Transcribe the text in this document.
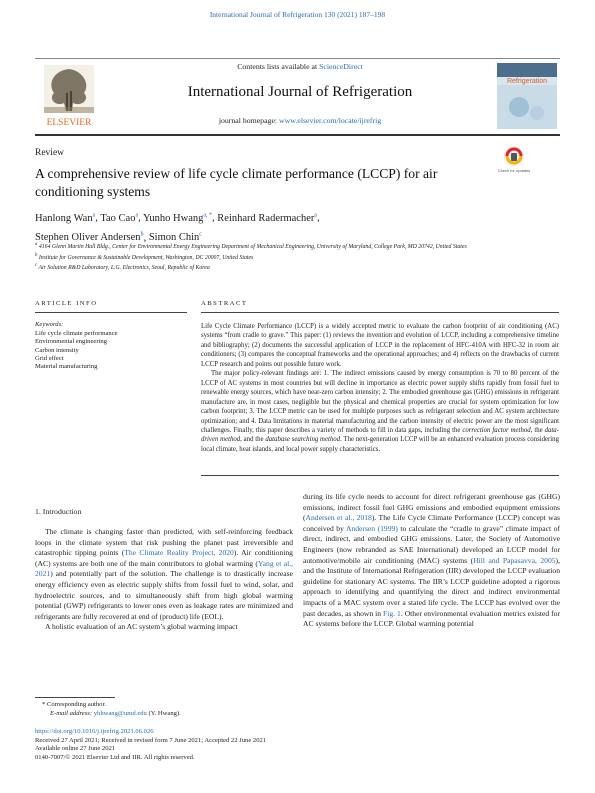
International Journal of Refrigeration 130 (2021) 187–198
ELSEVIER
Contents lists available at ScienceDirect
International Journal of Refrigeration
journal homepage: www.elsevier.com/locate/ijrefrig
Refrigeration
Review
Check for updates
A comprehensive review of life cycle climate performance (LCCP) for air conditioning systems
Hanlong Wan$^a$, Tao Cao$^a$, Yunho Hwang$^{a, *}$, Reinhard Radermacher$^a$,
Stephen Oliver Andersen$^b$, Simon Chin$^c$
$^a$ 4164 Glenn Martin Hall Bldg., Center for Environmental Energy Engineering Department of Mechanical Engineering, University of Maryland, College Park, MD 20742, United States
$^b$ Institute for Governance & Sustainable Development, Washington, DC 20007, United States
$^c$ Air Solution R&D Laboratory, L.G. Electronics, Seoul, Republic of Korea
ARTICLE INFO
Keywords:
Life cycle climate performance
Environmental engineering
Carbon intensity
Grid effect
Material manufacturing
ABSTRACT

Life Cycle Climate Performance (LCCP) is a widely accepted metric to evaluate the carbon footprint of air conditioning (AC) systems “from cradle to grave.” This paper: (1) reviews the invention and evolution of LCCP, including a comprehensive timeline and bibliography; (2) documents the successful application of LCCP in the replacement of HFC-410A with HFC-32 in room air conditioners; (3) compares the conceptual frameworks and the operational approaches; and 4) reflects on the drawbacks of current LCCP research and points out possible future work.

The major policy-relevant findings are: 1. The indirect emissions caused by energy consumption is 70 to 80 percent of the LCCP of AC systems in most countries but will decline in importance as electric power supply shifts rapidly from fossil fuel to renewable energy sources, which have near-zero carbon intensity; 2. The embodied greenhouse gas (GHG) emissions in refrigerant manufacture are, in most cases, negligible but the physical and chemical properties are crucial for system optimization for low carbon footprint; 3. The LCCP metric can be used for multiple purposes such as refrigerant selection and AC system architecture optimization; and 4. Data limitations in material manufacturing and the carbon intensity of electric power are the most significant challenges. Finally, this paper describes a variety of methods to fill in data gaps, including the correction factor method, the data-driven method, and the database searching method. The next-generation LCCP will be an enhanced evaluation process considering local climate, heat islands, and local power supply characteristics.

1. Introduction

The climate is changing faster than predicted, with self-reinforcing feedback loops in the climate system that risk pushing the planet past irreversible and catastrophic tipping points (The Climate Reality Project, 2020). Air conditioning (AC) systems are both one of the main contributors to global warming (Yang et al., 2021) and potentially part of the solution. The challenge is to drastically increase energy efficiency even as electric supply shifts from fossil fuel to wind, solar, and hydroelectric sources, and to simultaneously shift from high global warming potential (GWP) refrigerants to lower ones even as leakage rates are minimized and refrigerants are fully recovered at end of (product) life (EOL).

A holistic evaluation of an AC system’s global warming impact

during its life cycle needs to account for direct refrigerant greenhouse gas (GHG) emissions, indirect fossil fuel GHG emissions and embodied equipment emissions (Andersen et al., 2018). The Life Cycle Climate Performance (LCCP) concept was conceived by Andersen (1999) to calculate the “cradle to grave” climate impact of direct, indirect, and embodied GHG emissions. Later, the Society of Automotive Engineers (now rebranded as SAE International) developed an LCCP model for automotive/mobile air conditioning (MAC) systems (Hill and Papasavva, 2005), and the Institute of International Refrigeration (IIR) developed the LCCP evaluation guideline for stationary AC systems. The IIR’s LCCP guideline adopted a rigorous approach to identifying and quantifying the direct and indirect environmental impacts of a MAC system over a stated life cycle. The LCCP has evolved over the past decades, as shown in Fig. 1. Other environmental evaluation metrics existed for AC systems before the LCCP. Global warming potential

* Corresponding author.
E-mail address: yhhwang@umd.edu (Y. Hwang).
https://doi.org/10.1016/j.ijrefrig.2021.06.026
Received 27 April 2021; Received in revised form 7 June 2021; Accepted 22 June 2021
Available online 27 June 2021
0140-7007/© 2021 Elsevier Ltd and IIR. All rights reserved.
